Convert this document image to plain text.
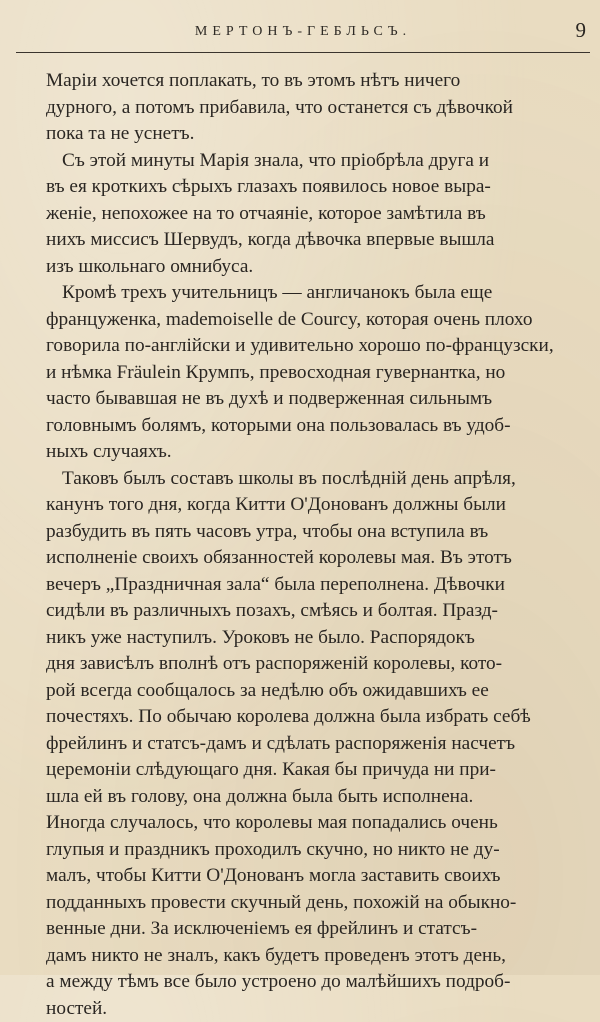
МЕРТОНЪ-ГЕБЛЬСЪ.	9
Марiи хочется поплакать, то въ этомъ нѣтъ ничего
дурного, а потомъ прибавила, что останется съ дѣвочкой
пока та не уснетъ.
Съ этой минуты Марiя знала, что прiобрѣла друга и
въ ея кроткихъ сѣрыхъ глазахъ появилось новое выра-
женiе, непохожее на то отчаянiе, которое замѣтила въ
нихъ миссисъ Шервудъ, когда дѣвочка впервые вышла
изъ школьнаго омнибуса.
Кромѣ трехъ учительницъ — англичанокъ была еще
француженка, mademoiselle de Courcy, которая очень плохо
говорила по-англiйски и удивительно хорошо по-французски,
и нѣмка Fräulein Крумпъ, превосходная гувернантка, но
часто бывавшая не въ духѣ и подверженная сильнымъ
головнымъ болямъ, которыми она пользовалась въ удоб-
ныхъ случаяхъ.
Таковъ былъ составъ школы въ послѣднiй день апрѣля,
канунъ того дня, когда Китти О'Донованъ должны были
разбудить въ пять часовъ утра, чтобы она вступила въ
исполненiе своихъ обязанностей королевы мая. Въ этотъ
вечеръ „Праздничная зала“ была переполнена. Дѣвочки
сидѣли въ различныхъ позахъ, смѣясь и болтая. Празд-
никъ уже наступилъ. Уроковъ не было. Распорядокъ
дня зависѣлъ вполнѣ отъ распоряженiй королевы, кото-
рой всегда сообщалось за недѣлю объ ожидавшихъ ее
почестяхъ. По обычаю королева должна была избрать себѣ
фрейлинъ и статсъ-дамъ и сдѣлать распоряженiя насчетъ
церемонiи слѣдующаго дня. Какая бы причуда ни при-
шла ей въ голову, она должна была быть исполнена.
Иногда случалось, что королевы мая попадались очень
глупыя и праздникъ проходилъ скучно, но никто не ду-
малъ, чтобы Китти О'Донованъ могла заставить своихъ
подданныхъ провести скучный день, похожiй на обыкно-
венные дни. За исключенiемъ ея фрейлинъ и статсъ-
дамъ никто не зналъ, какъ будетъ проведенъ этотъ день,
а между тѣмъ все было устроено до малѣйшихъ подроб-
ностей.
